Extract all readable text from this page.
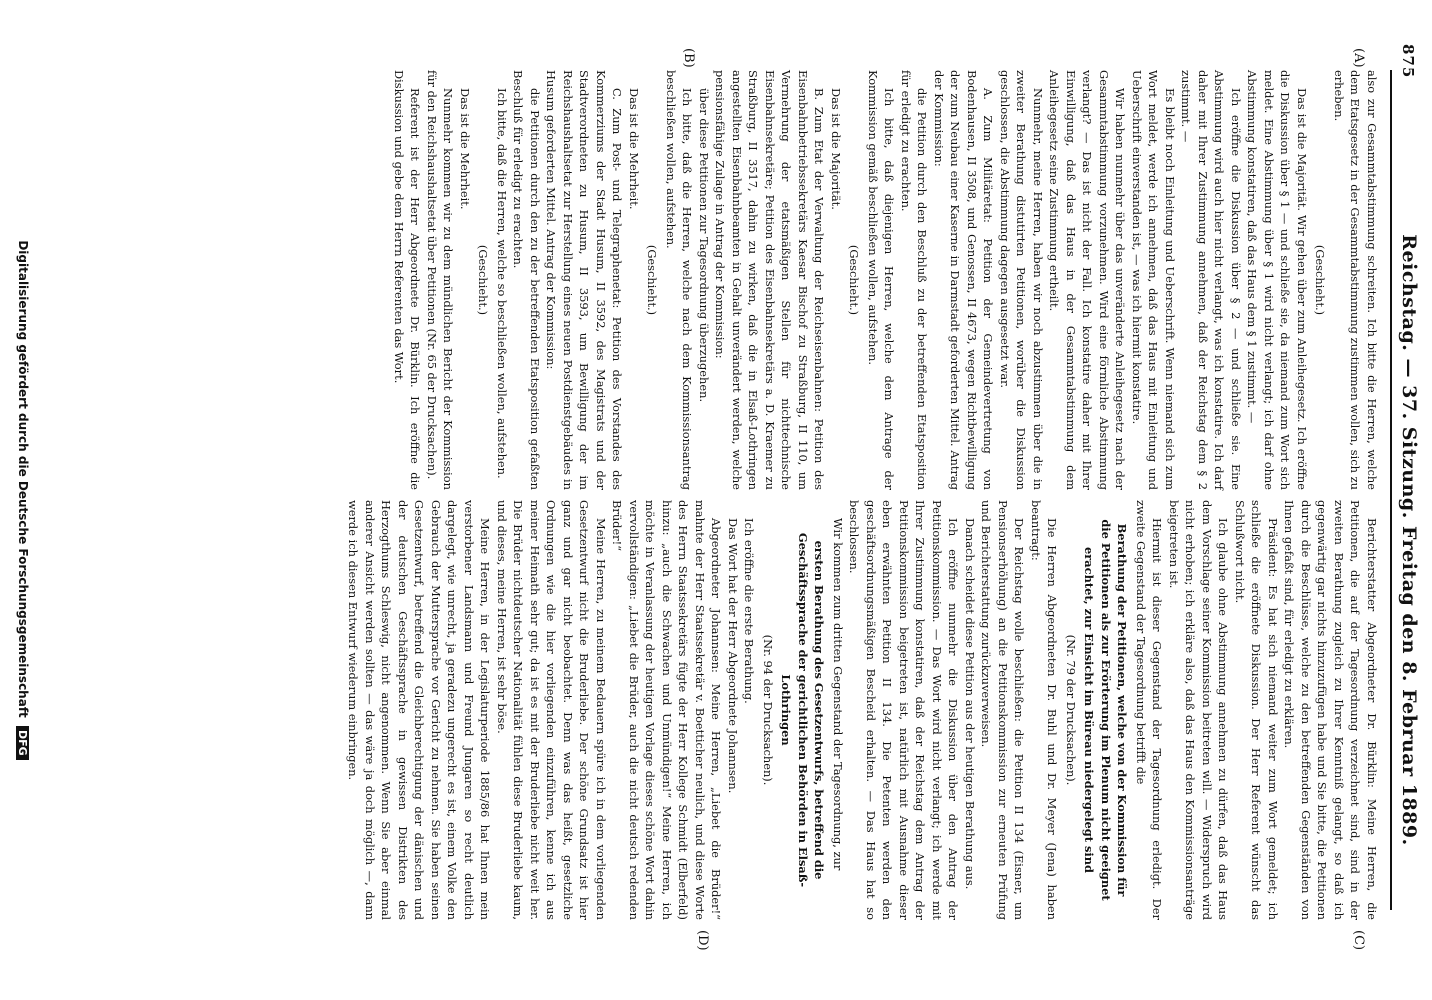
875
Reichstag. — 37. Sitzung. Freitag den 8. Februar 1889.
(A)
(B)
(C)
(D)

also zur Gesammtabstimmung schreiten. Ich bitte die Herren, welche dem Etatsgesetz in der Gesammtabstimmung zustimmen wollen, sich zu erheben.

(Geschieht.)

Das ist die Majorität. Wir gehen über zum Anleihegesetz. Ich eröffne die Diskussion über § 1 — und schließe sie, da niemand zum Wort sich meldet. Eine Abstimmung über § 1 wird nicht verlangt; ich darf ohne Abstimmung konstatiren, daß das Haus dem § 1 zustimmt. —

Ich eröffne die Diskussion über § 2 — und schließe sie. Eine Abstimmung wird auch hier nicht verlangt, was ich konstatire. Ich darf daher mit Ihrer Zustimmung annehmen, daß der Reichstag dem § 2 zustimmt. —

Es bleibt noch Einleitung und Ueberschrift. Wenn niemand sich zum Wort meldet, werde ich annehmen, daß das Haus mit Einleitung und Ueberschrift einverstanden ist, — was ich hiermit konstatire.

Wir haben nunmehr über das unveränderte Anleihegesetz nach der Gesammtabstimmung vorzunehmen. Wird eine förmliche Abstimmung verlangt? — Das ist nicht der Fall. Ich konstatire daher mit Ihrer Einwilligung, daß das Haus in der Gesammtabstimmung dem Anleihegesetz seine Zustimmung ertheilt.

Nunmehr, meine Herren, haben wir noch abzustimmen über die in zweiter Berathung distutirten Petitionen, worüber die Diskussion geschlossen, die Abstimmung dagegen ausgesetzt war.

A. Zum Militäretat: Petition der Gemeindevertretung von Bodenhausen, II 3508, und Genossen, II 4673, wegen Richtbewilligung der zum Neubau einer Kaserne in Darmstadt geforderten Mittel. Antrag der Kommission:

die Petition durch den Beschluß zu der betreffenden Etatsposition für erledigt zu erachten.

Ich bitte, daß diejenigen Herren, welche dem Antrage der Kommission gemäß beschließen wollen, aufstehen.

(Geschieht.)

Das ist die Majorität.

B. Zum Etat der Verwaltung der Reichseisenbahnen: Petition des Eisenbahnbetriebssekretärs Kaesar Bischof zu Straßburg, II 110, um Vermehrung der etatsmäßigen Stellen für nichttechnische Eisenbahnsekretäre; Petition des Eisenbahnsekretärs a. D. Kraemer zu Straßburg, II 3517, dahin zu wirken, daß die in Elsaß-Lothringen angestellten Eisenbahnbeamten in Gehalt unverändert werden, welche pensionsfähige Zulage in Antrag der Kommission:

über diese Petitionen zur Tagesordnung überzugehen.

Ich bitte, daß die Herren, welche nach dem Kommissionsantrag beschließen wollen, aufstehen.

(Geschieht.)

Das ist die Mehrheit.

C. Zum Post- und Telegraphenetat: Petition des Vorstandes des Kommerziums der Stadt Husum, II 3592, des Magistrats und der Stadtverordneten zu Husum, II 3593, um Bewilligung der im Reichshaushaltsetat zur Herstellung eines neuen Postdienstgebäudes in Husum geforderten Mittel. Antrag der Kommission:

die Petitionen durch den zu der betreffenden Etatsposition gefaßten Beschluß für erledigt zu erachten.

Ich bitte, daß die Herren, welche so beschließen wollen, aufstehen.

(Geschieht.)

Das ist die Mehrheit.

Nunmehr kommen wir zu dem mündlichen Bericht der Kommission für den Reichshaushaltsetat über Petitionen (Nr. 65 der Drucksachen).

Referent ist der Herr Abgeordnete Dr. Bürklin. Ich eröffne die Diskussion und gebe dem Herrn Referenten das Wort.

Berichterstatter Abgeordneter Dr. Bürklin: Meine Herren, die Petitionen, die auf der Tagesordnung verzeichnet sind, sind in der zweiten Berathung zugleich zu Ihrer Kenntniß gelangt, so daß ich gegenwärtig gar nichts hinzuzufügen habe und Sie bitte, die Petitionen durch die Beschlüsse, welche zu den betreffenden Gegenständen von Ihnen gefaßt sind, für erledigt zu erklären.

Präsident: Es hat sich niemand weiter zum Wort gemeldet; ich schließe die eröffnete Diskussion. Der Herr Referent wünscht das Schlußwort nicht.

Ich glaube ohne Abstimmung annehmen zu dürfen, daß das Haus dem Vorschlage seiner Kommission beitreten will. — Widerspruch wird nicht erhoben; ich erkläre also, daß das Haus den Kommissionsanträge beigetreten ist.

Hiermit ist dieser Gegenstand der Tagesordnung erledigt. Der zweite Gegenstand der Tagesordnung betrifft die

Berathung der Petitionen, welche von der Kommission für die Petitionen als zur Erörterung im Plenum nicht geeignet erachtet, zur Einsicht im Büreau niedergelegt sind

(Nr. 79 der Drucksachen).

Die Herren Abgeordneten Dr. Buhl und Dr. Meyer (Jena) haben beantragt:

Der Reichstag wolle beschließen: die Petition II 134 (Eisner, um Pensionserhöhung) an die Petitionskommission zur erneuten Prüfung und Berichterstattung zurückzuverweisen.

Danach scheidet diese Petition aus der heutigen Berathung aus.

Ich eröffne nunmehr die Diskussion über den Antrag der Petitionskommission. — Das Wort wird nicht verlangt; ich werde mit Ihrer Zustimmung konstatiren, daß der Reichstag dem Antrag der Petitionskommission beigetreten ist, natürlich mit Ausnahme dieser eben erwähnten Petition II 134. Die Petenten werden den geschäftsordnungsmäßigen Bescheid erhalten. — Das Haus hat so beschlossen.

Wir kommen zum dritten Gegenstand der Tagesordnung, zur

ersten Berathung des Gesetzentwurfs, betreffend die Geschäftssprache der gerichtlichen Behörden in Elsaß-Lothringen

(Nr. 94 der Drucksachen).

Ich eröffne die erste Berathung.

Das Wort hat der Herr Abgeordnete Johannsen.

Abgeordneter Johannsen: Meine Herren, „Liebet die Brüder!“ mahnte der Herr Staatssekretär v. Boetticher neulich, und diese Worte des Herrn Staatssekretärs fügte der Herr Kollege Schmidt (Elberfeld) hinzu: „auch die Schwachen und Unmündigen!“ Meine Herren, ich möchte in Veranlassung der heutigen Vorlage dieses schöne Wort dahin vervollständigen: „Liebet die Brüder, auch die nicht deutsch redenden Brüder!“

Meine Herren, zu meinem Bedauern spüre ich in dem vorliegenden Gesetzentwurf nicht die Bruderliebe. Der schöne Grundsatz ist hier ganz und gar nicht beobachtet. Denn was das heißt, gesetzliche Ordnungen wie die hier vorliegenden einzuführen, kenne ich aus meiner Heimath sehr gut; da ist es mit der Bruderliebe nicht weit her. Die Brüder nichtdeutscher Nationalität fühlen diese Bruderliebe kaum, und dieses, meine Herren, ist sehr böse.

Meine Herren, in der Legislaturperiode 1885/86 hat Ihnen mein verstorbener Landsmann und Freund Jungaren so recht deutlich dargelegt, wie unrecht, ja geradezu ungerecht es ist, einem Volke den Gebrauch der Muttersprache vor Gericht zu nehmen. Sie haben seinen Gesetzentwurf, betreffend die Gleichberechtigung der dänischen und der deutschen Geschäftssprache in gewissen Distrikten des Herzogthums Schleswig, nicht angenommen. Wenn Sie aber einmal anderer Ansicht werden sollten — das wäre ja doch möglich —, dann werde ich diesen Entwurf wiederum einbringen.

Digitalisierung gefördert durch die Deutsche Forschungsgemeinschaft DFG
